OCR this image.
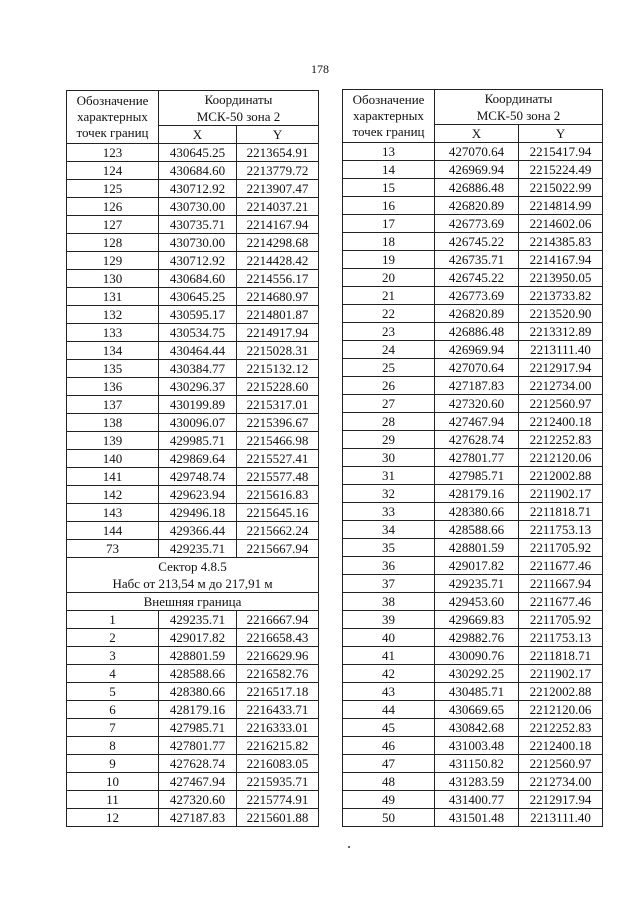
178
Обозначение
характерных
точек границ	Координаты	
	МСК-50 зона 2	
	X	Y
123	430645.25	2213654.91
124	430684.60	2213779.72
125	430712.92	2213907.47
126	430730.00	2214037.21
127	430735.71	2214167.94
128	430730.00	2214298.68
129	430712.92	2214428.42
130	430684.60	2214556.17
131	430645.25	2214680.97
132	430595.17	2214801.87
133	430534.75	2214917.94
134	430464.44	2215028.31
135	430384.77	2215132.12
136	430296.37	2215228.60
137	430199.89	2215317.01
138	430096.07	2215396.67
139	429985.71	2215466.98
140	429869.64	2215527.41
141	429748.74	2215577.48
142	429623.94	2215616.83
143	429496.18	2215645.16
144	429366.44	2215662.24
73	429235.71	2215667.94
Сектор 4.8.5		
Набс от 213,54 м до 217,91 м		
Внешняя граница		
1	429235.71	2216667.94
2	429017.82	2216658.43
3	428801.59	2216629.96
4	428588.66	2216582.76
5	428380.66	2216517.18
6	428179.16	2216433.71
7	427985.71	2216333.01
8	427801.77	2216215.82
9	427628.74	2216083.05
10	427467.94	2215935.71
11	427320.60	2215774.91
12	427187.83	2215601.88
Обозначение
характерных
точек границ	Координаты	
	МСК-50 зона 2	
	X	Y
13	427070.64	2215417.94
14	426969.94	2215224.49
15	426886.48	2215022.99
16	426820.89	2214814.99
17	426773.69	2214602.06
18	426745.22	2214385.83
19	426735.71	2214167.94
20	426745.22	2213950.05
21	426773.69	2213733.82
22	426820.89	2213520.90
23	426886.48	2213312.89
24	426969.94	2213111.40
25	427070.64	2212917.94
26	427187.83	2212734.00
27	427320.60	2212560.97
28	427467.94	2212400.18
29	427628.74	2212252.83
30	427801.77	2212120.06
31	427985.71	2212002.88
32	428179.16	2211902.17
33	428380.66	2211818.71
34	428588.66	2211753.13
35	428801.59	2211705.92
36	429017.82	2211677.46
37	429235.71	2211667.94
38	429453.60	2211677.46
39	429669.83	2211705.92
40	429882.76	2211753.13
41	430090.76	2211818.71
42	430292.25	2211902.17
43	430485.71	2212002.88
44	430669.65	2212120.06
45	430842.68	2212252.83
46	431003.48	2212400.18
47	431150.82	2212560.97
48	431283.59	2212734.00
49	431400.77	2212917.94
50	431501.48	2213111.40
